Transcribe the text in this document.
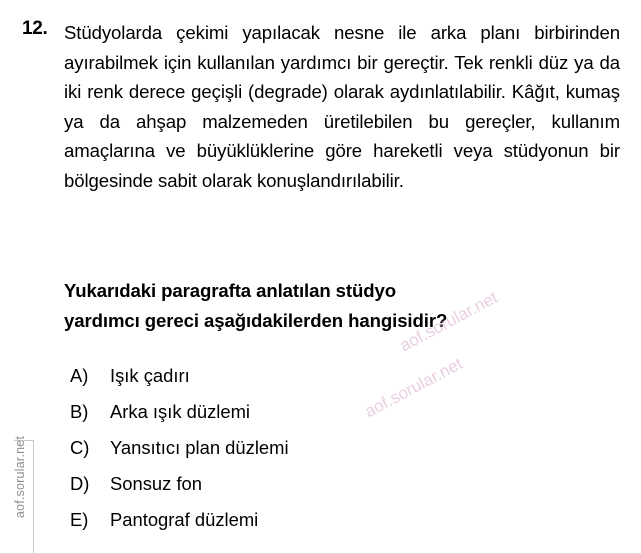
aof.sorular.net
12. Stüdyolarda çekimi yapılacak nesne ile arka planı birbirinden ayırabilmek için kullanılan yardımcı bir gereçtir. Tek renkli düz ya da iki renk derece geçişli (degrade) olarak aydınlatılabilir. Kâğıt, kumaş ya da ahşap malzemeden üretilebilen bu gereçler, kullanım amaçlarına ve büyüklüklerine göre hareketli veya stüdyonun bir bölgesinde sabit olarak konuşlandırılabilir.
Yukarıdaki paragrafta anlatılan stüdyo
yardımcı gereci aşağıdakilerden hangisidir?
A)	Işık çadırı
B)	Arka ışık düzlemi
C)	Yansıtıcı plan düzlemi
D)	Sonsuz fon
E)	Pantograf düzlemi
aof.sorular.net
aof.sorular.net
